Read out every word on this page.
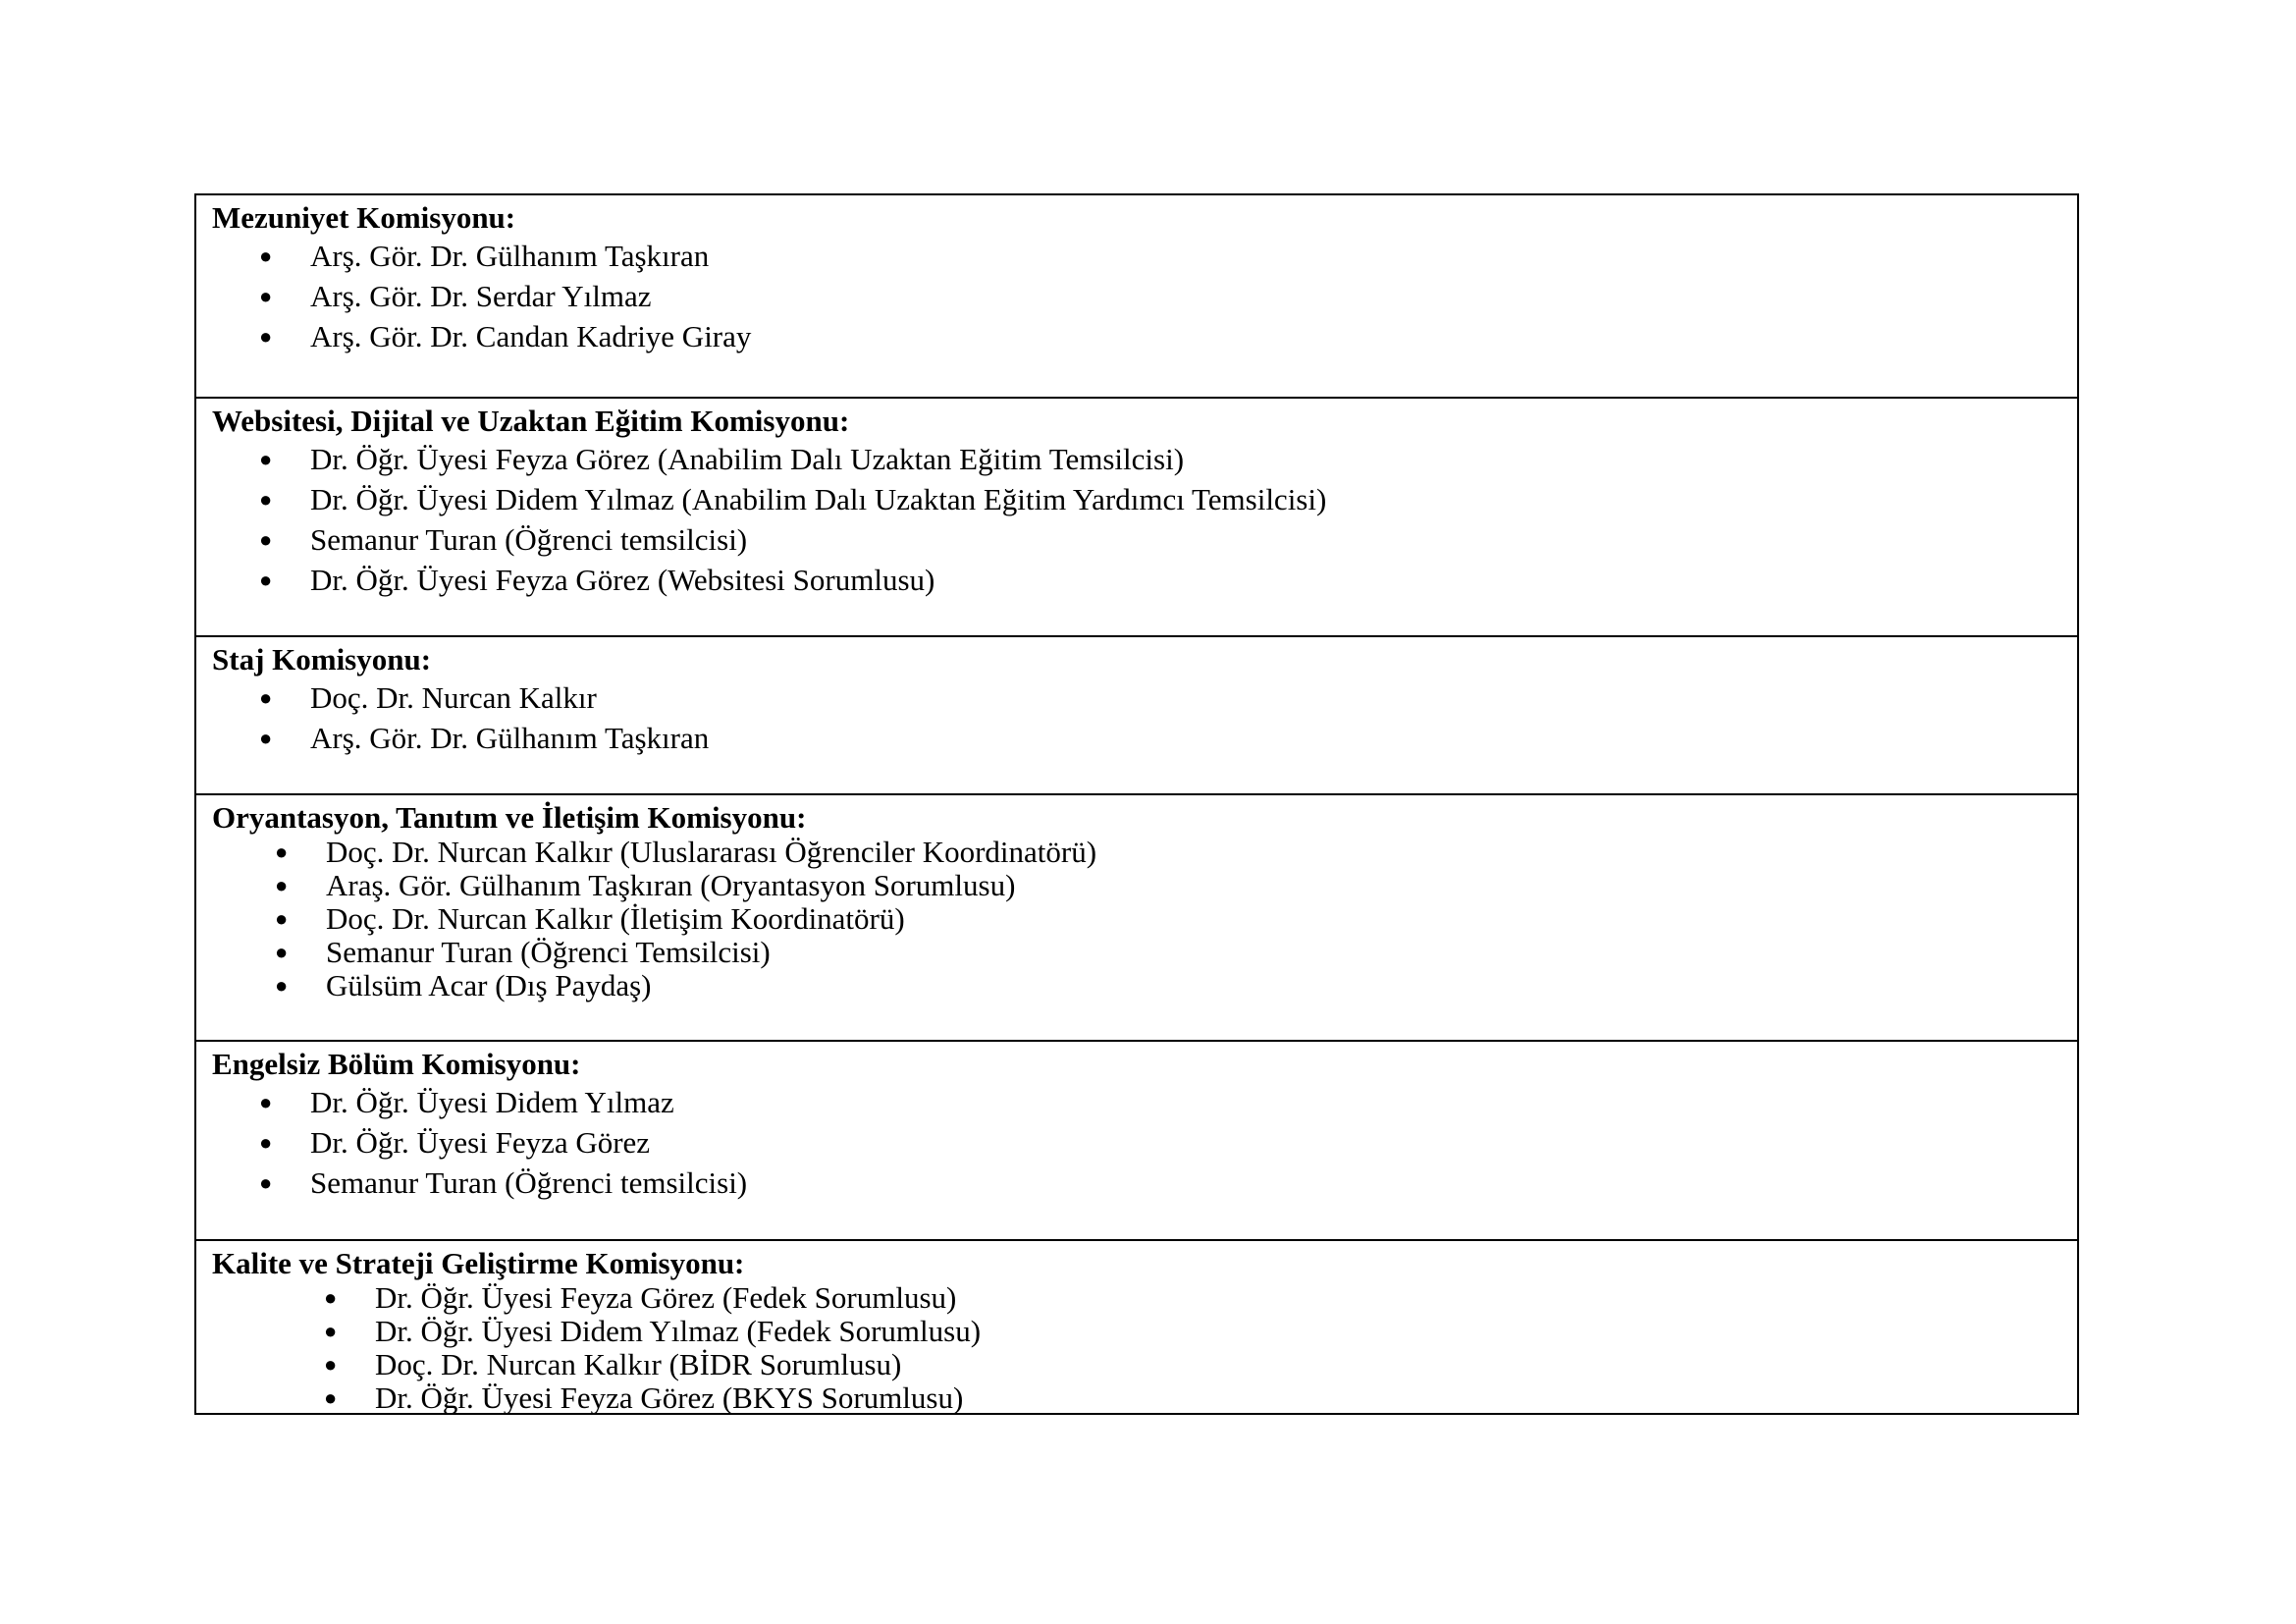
Mezuniyet Komisyonu:

● Arş. Gör. Dr. Gülhanım Taşkıran
● Arş. Gör. Dr. Serdar Yılmaz
● Arş. Gör. Dr. Candan Kadriye Giray

Websitesi, Dijital ve Uzaktan Eğitim Komisyonu:

● Dr. Öğr. Üyesi Feyza Görez (Anabilim Dalı Uzaktan Eğitim Temsilcisi)
● Dr. Öğr. Üyesi Didem Yılmaz (Anabilim Dalı Uzaktan Eğitim Yardımcı Temsilcisi)
● Semanur Turan (Öğrenci temsilcisi)
● Dr. Öğr. Üyesi Feyza Görez (Websitesi Sorumlusu)

Staj Komisyonu:

● Doç. Dr. Nurcan Kalkır
● Arş. Gör. Dr. Gülhanım Taşkıran

Oryantasyon, Tanıtım ve İletişim Komisyonu:

● Doç. Dr. Nurcan Kalkır (Uluslararası Öğrenciler Koordinatörü)
● Araş. Gör. Gülhanım Taşkıran (Oryantasyon Sorumlusu)
● Doç. Dr. Nurcan Kalkır (İletişim Koordinatörü)
● Semanur Turan (Öğrenci Temsilcisi)
● Gülsüm Acar (Dış Paydaş)

Engelsiz Bölüm Komisyonu:

● Dr. Öğr. Üyesi Didem Yılmaz
● Dr. Öğr. Üyesi Feyza Görez
● Semanur Turan (Öğrenci temsilcisi)

Kalite ve Strateji Geliştirme Komisyonu:

● Dr. Öğr. Üyesi Feyza Görez (Fedek Sorumlusu)
● Dr. Öğr. Üyesi Didem Yılmaz (Fedek Sorumlusu)
● Doç. Dr. Nurcan Kalkır (BİDR Sorumlusu)
● Dr. Öğr. Üyesi Feyza Görez (BKYS Sorumlusu)
